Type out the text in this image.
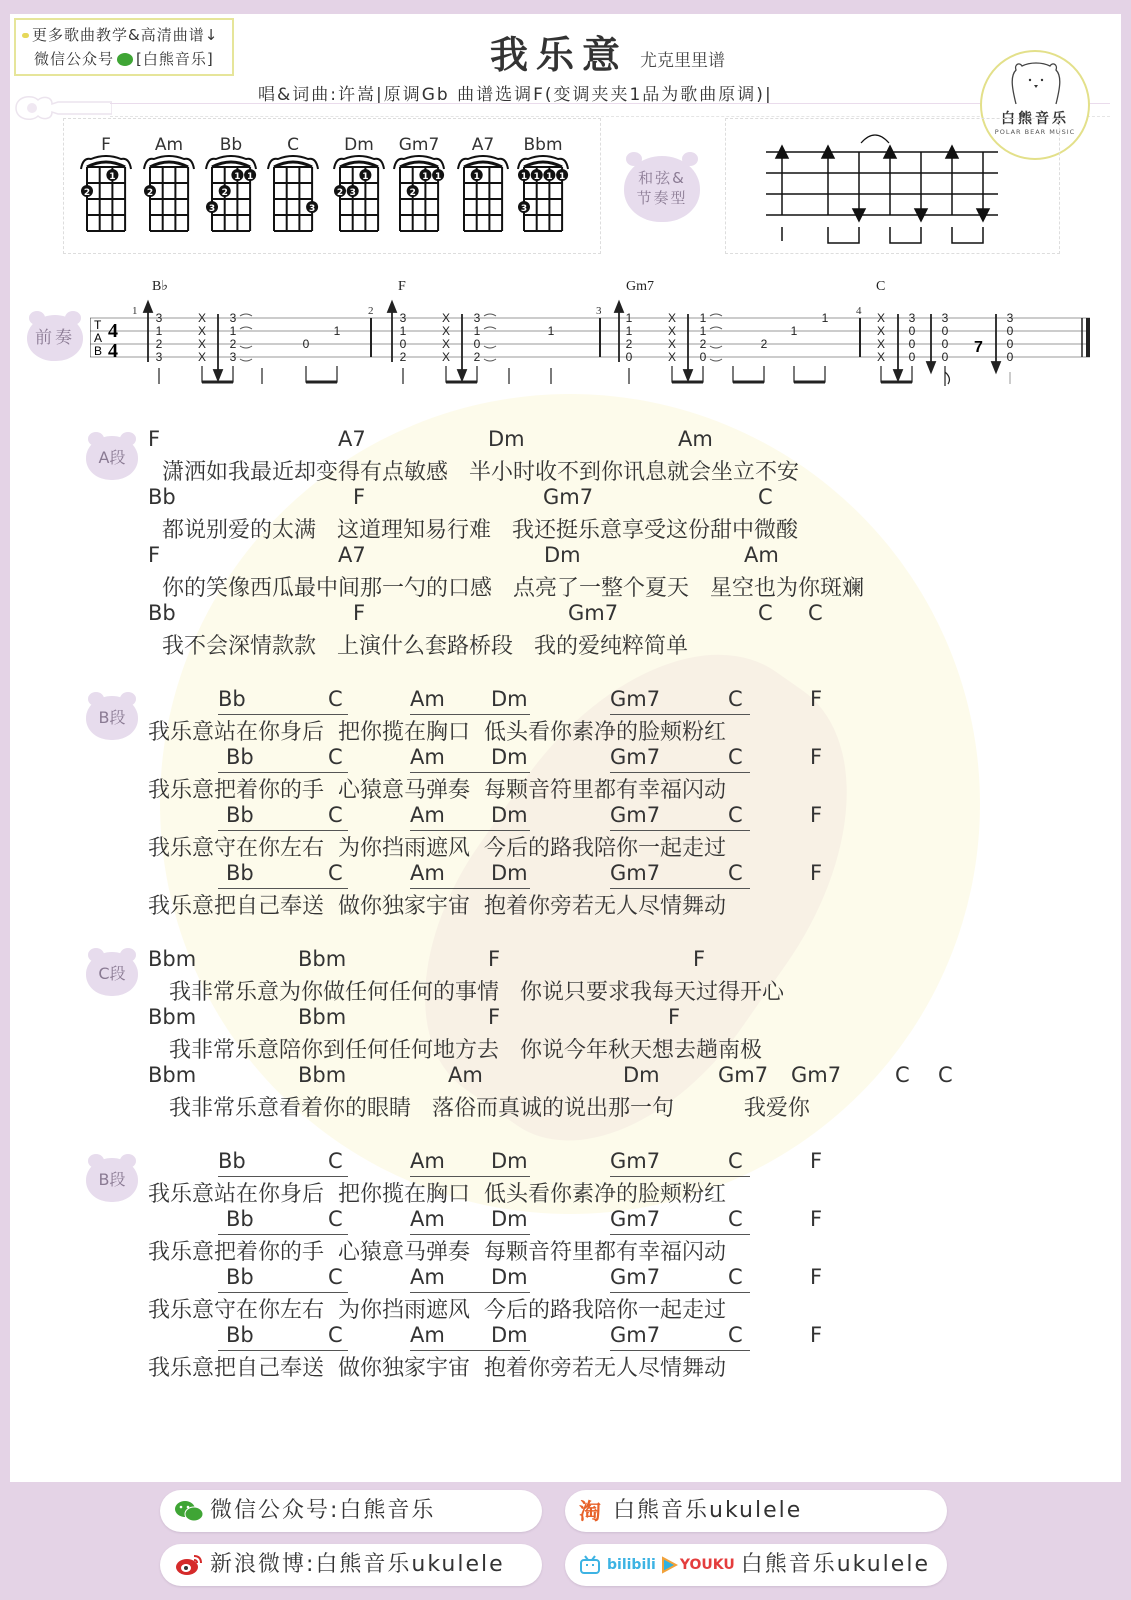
更多歌曲教学&高清曲谱↓
微信公众号 [白熊音乐]	我乐意 尤克里里谱
唱&词曲:许嵩|原调Gb 曲谱选调F(变调夹夹1品为歌曲原调)|
白熊音乐
POLAR BEAR MUSIC
F
2
1
Am
2
Bb
3
2
1 1
C
3
Dm
2 3
1
Gm7
2
1 1
A7
1
Bbm
1 1 1 1
3
和弦&
节奏型
前奏
T
A
B
4
4
1	2	3	4
B♭	F	Gm7	C
3
1
2
3
X
X
X
X
3
1
2
3
0
1
3
1
0
2
X
X
X
X
3
1
0
2
1
1
1
2
0
X
X
X
X
1
1
2
0
2
1
1	X
X
X
X
3
0
0
0
3
0
0
0
3
0
0
0
7
A段
B段
C段
B段
F	A7	Dm	Am
潇洒如我最近却变得有点敏感   半小时收不到你讯息就会坐立不安
Bb	F	Gm7	C
都说别爱的太满   这道理知易行难   我还挺乐意享受这份甜中微酸
F	A7	Dm	Am
你的笑像西瓜最中间那一勺的口感   点亮了一整个夏天   星空也为你斑斓
Bb	F	Gm7	C C
我不会深情款款   上演什么套路桥段   我的爱纯粹简单
Bb	C	Am Dm	Gm7	C	F
我乐意站在你身后  把你揽在胸口  低头看你素净的脸颊粉红
Bb	C	Am Dm	Gm7	C	F
我乐意把着你的手  心猿意马弹奏  每颗音符里都有幸福闪动
Bb	C	Am Dm	Gm7	C	F
我乐意守在你左右  为你挡雨遮风  今后的路我陪你一起走过
Bb	C	Am Dm	Gm7	C	F
我乐意把自己奉送  做你独家宇宙  抱着你旁若无人尽情舞动
Bbm	Bbm	F	F
我非常乐意为你做任何任何的事情   你说只要求我每天过得开心
Bbm	Bbm	F	F
我非常乐意陪你到任何任何地方去   你说今年秋天想去趟南极
Bbm	Bbm	Am	Dm	Gm7 Gm7	C C
我非常乐意看着你的眼睛   落俗而真诚的说出那一句          我爱你
Bb	C	Am Dm	Gm7	C	F
我乐意站在你身后  把你揽在胸口  低头看你素净的脸颊粉红
Bb	C	Am Dm	Gm7	C	F
我乐意把着你的手  心猿意马弹奏  每颗音符里都有幸福闪动
Bb	C	Am Dm	Gm7	C	F
我乐意守在你左右  为你挡雨遮风  今后的路我陪你一起走过
Bb	C	Am Dm	Gm7	C	F
我乐意把自己奉送  做你独家宇宙  抱着你旁若无人尽情舞动
微信公众号:白熊音乐
新浪微博:白熊音乐ukulele
淘 白熊音乐ukulele
bilibili YOUKU 白熊音乐ukulele
